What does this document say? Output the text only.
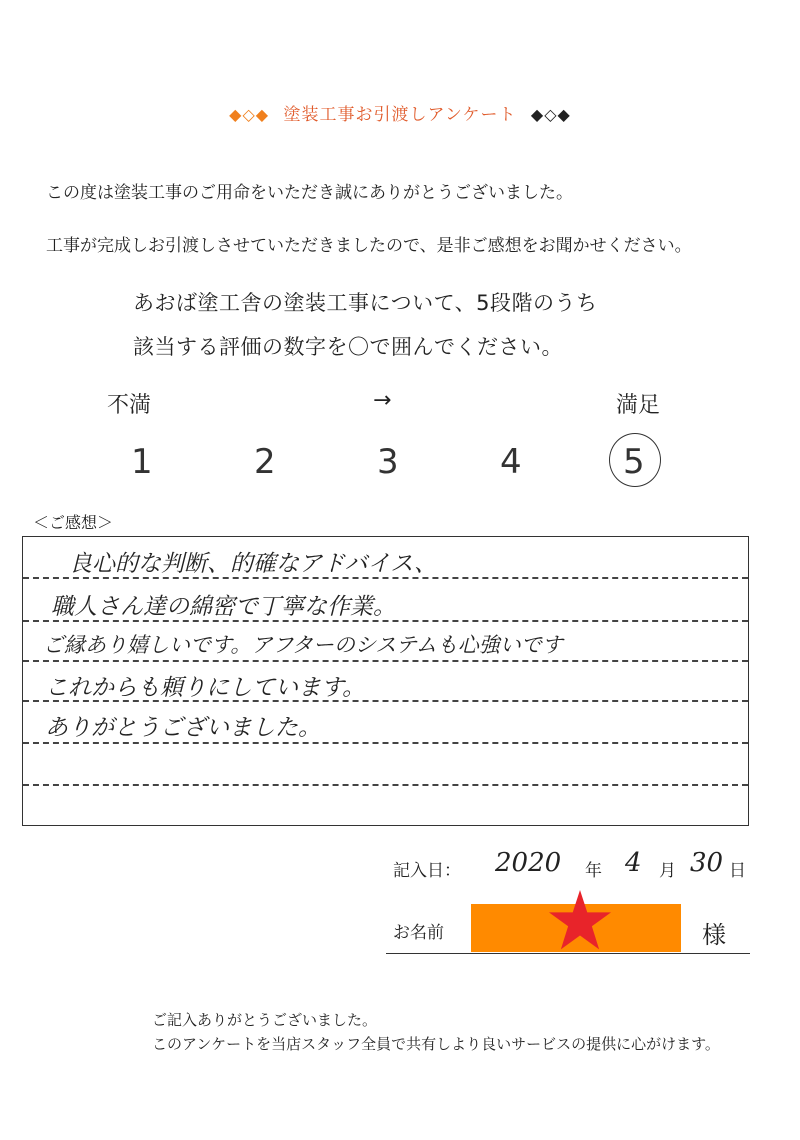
◆◇◆ 塗装工事お引渡しアンケート ◆◇◆
この度は塗装工事のご用命をいただき誠にありがとうございました。
工事が完成しお引渡しさせていただきましたので、是非ご感想をお聞かせください。
あおば塗工舎の塗装工事について、5段階のうち
該当する評価の数字を〇で囲んでください。
不満	→	満足
1	2	3	4	5
＜ご感想＞
良心的な判断、的確なアドバイス、
職人さん達の綿密で丁寧な作業。
ご縁あり嬉しいです。アフターのシステムも心強いです
これからも頼りにしています。
ありがとうございました。
記入日： 2020 年 4 月 30 日
お名前	様
ご記入ありがとうございました。
このアンケートを当店スタッフ全員で共有しより良いサービスの提供に心がけます。
